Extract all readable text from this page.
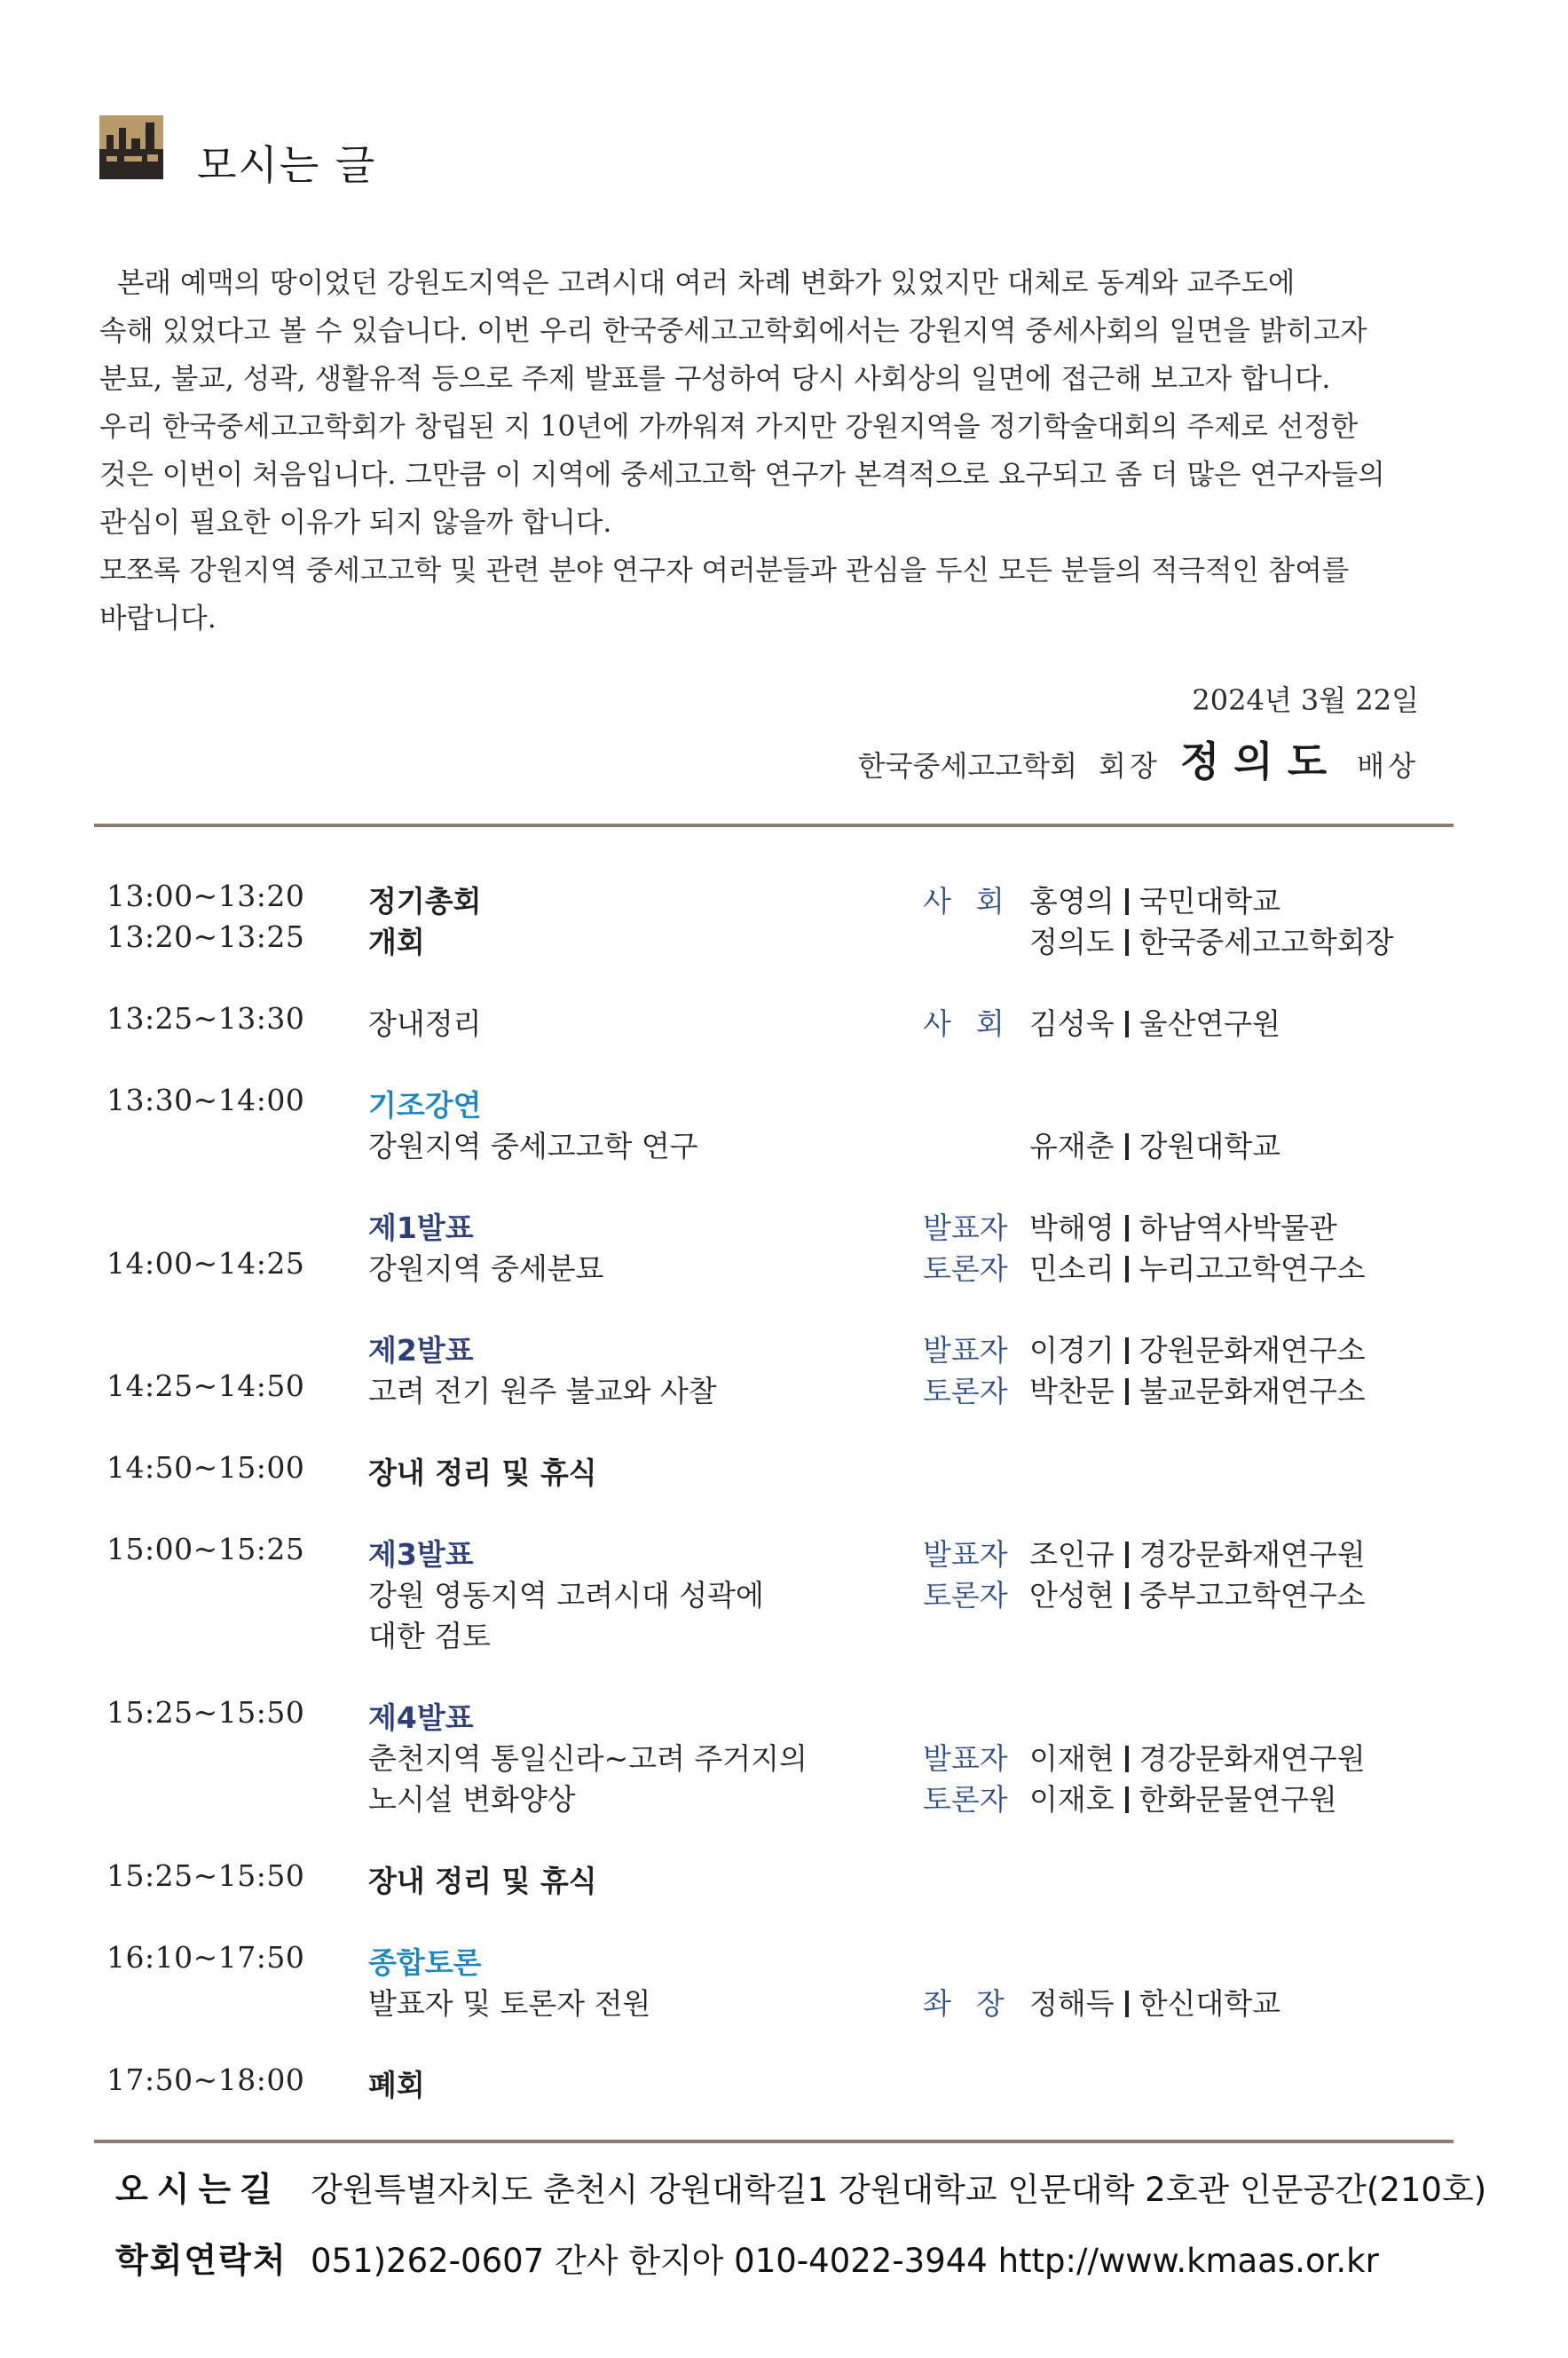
모시는 글

본래 예맥의 땅이었던 강원도지역은 고려시대 여러 차례 변화가 있었지만 대체로 동계와 교주도에

속해 있었다고 볼 수 있습니다. 이번 우리 한국중세고고학회에서는 강원지역 중세사회의 일면을 밝히고자

분묘, 불교, 성곽, 생활유적 등으로 주제 발표를 구성하여 당시 사회상의 일면에 접근해 보고자 합니다.

우리 한국중세고고학회가 창립된 지 10년에 가까워져 가지만 강원지역을 정기학술대회의 주제로 선정한

것은 이번이 처음입니다. 그만큼 이 지역에 중세고고학 연구가 본격적으로 요구되고 좀 더 많은 연구자들의

관심이 필요한 이유가 되지 않을까 합니다.

모쪼록 강원지역 중세고고학 및 관련 분야 연구자 여러분들과 관심을 두신 모든 분들의 적극적인 참여를

바랍니다.

2024년 3월 22일
한국중세고고학회 회장 정의도 배상
13:00~13:20 정기총회	사회 홍영의 국민대학교
13:20~13:25 개회	정의도 한국중세고고학회장
13:25~13:30 장내정리	사회 김성욱 울산연구원
13:30~14:00 기조강연
강원지역 중세고고학 연구	유재춘 강원대학교
제1발표	발표자 박해영 하남역사박물관
14:00~14:25 강원지역 중세분묘	토론자 민소리 누리고고학연구소
제2발표	발표자 이경기 강원문화재연구소
14:25~14:50 고려 전기 원주 불교와 사찰	토론자 박찬문 불교문화재연구소
14:50~15:00 장내 정리 및 휴식
15:00~15:25 제3발표	발표자 조인규 경강문화재연구원
강원 영동지역 고려시대 성곽에	토론자 안성현 중부고고학연구소
대한 검토
15:25~15:50 제4발표
춘천지역 통일신라~고려 주거지의	발표자 이재현 경강문화재연구원
노시설 변화양상	토론자 이재호 한화문물연구원
15:25~15:50 장내 정리 및 휴식
16:10~17:50 종합토론
발표자 및 토론자 전원	좌장 정해득 한신대학교
17:50~18:00 폐회
오시는길 강원특별자치도 춘천시 강원대학길1 강원대학교 인문대학 2호관 인문공간(210호)
학회연락처 051)262-0607 간사 한지아 010-4022-3944 http://www.kmaas.or.kr
